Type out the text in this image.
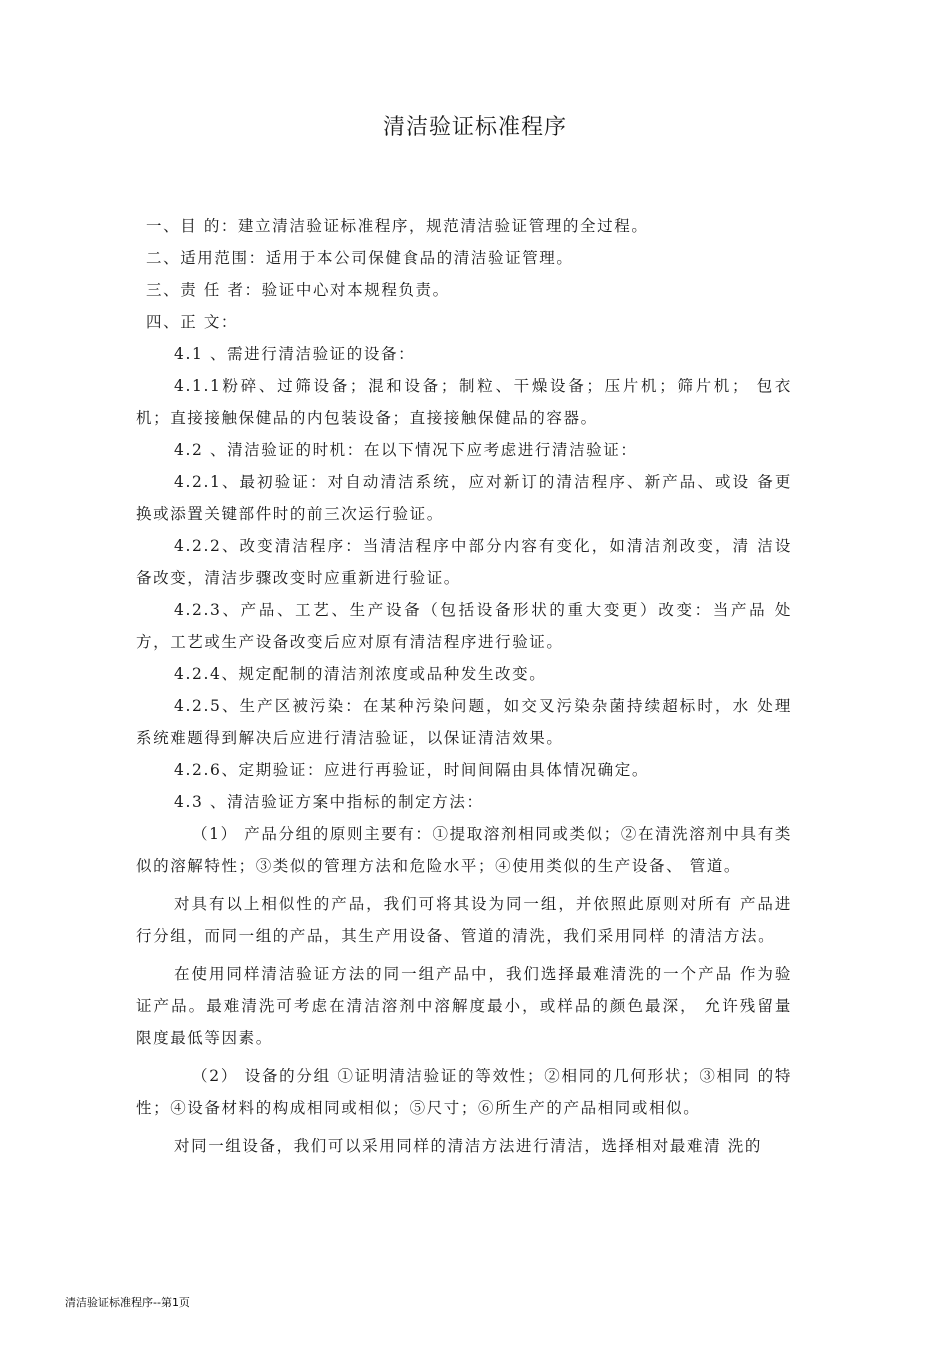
清洁验证标准程序

一、目 的：建立清洁验证标准程序，规范清洁验证管理的全过程。

二、适用范围：适用于本公司保健食品的清洁验证管理。

三、责 任 者：验证中心对本规程负责。

四、正 文：

4.1 、需进行清洁验证的设备：

4.1.1粉碎、过筛设备；混和设备；制粒、干燥设备；压片机；筛片机； 包衣机；直接接触保健品的内包装设备；直接接触保健品的容器。

4.2 、清洁验证的时机：在以下情况下应考虑进行清洁验证：

4.2.1、最初验证：对自动清洁系统，应对新订的清洁程序、新产品、或设 备更换或添置关键部件时的前三次运行验证。

4.2.2、改变清洁程序：当清洁程序中部分内容有变化，如清洁剂改变，清 洁设备改变，清洁步骤改变时应重新进行验证。

4.2.3、产品、工艺、生产设备（包括设备形状的重大变更）改变：当产品 处方，工艺或生产设备改变后应对原有清洁程序进行验证。

4.2.4、规定配制的清洁剂浓度或品种发生改变。

4.2.5、生产区被污染：在某种污染问题，如交叉污染杂菌持续超标时，水 处理系统难题得到解决后应进行清洁验证，以保证清洁效果。

4.2.6、定期验证：应进行再验证，时间间隔由具体情况确定。

4.3 、清洁验证方案中指标的制定方法：

（1） 产品分组的原则主要有：①提取溶剂相同或类似；②在清洗溶剂中具有类似的溶解特性；③类似的管理方法和危险水平；④使用类似的生产设备、 管道。

对具有以上相似性的产品，我们可将其设为同一组，并依照此原则对所有 产品进行分组，而同一组的产品，其生产用设备、管道的清洗，我们采用同样 的清洁方法。

在使用同样清洁验证方法的同一组产品中，我们选择最难清洗的一个产品 作为验证产品。最难清洗可考虑在清洁溶剂中溶解度最小，或样品的颜色最深， 允许残留量限度最低等因素。

（2） 设备的分组 ①证明清洁验证的等效性；②相同的几何形状；③相同 的特性；④设备材料的构成相同或相似；⑤尺寸；⑥所生产的产品相同或相似。

对同一组设备，我们可以采用同样的清洁方法进行清洁，选择相对最难清 洗的

清洁验证标准程序--第1页
